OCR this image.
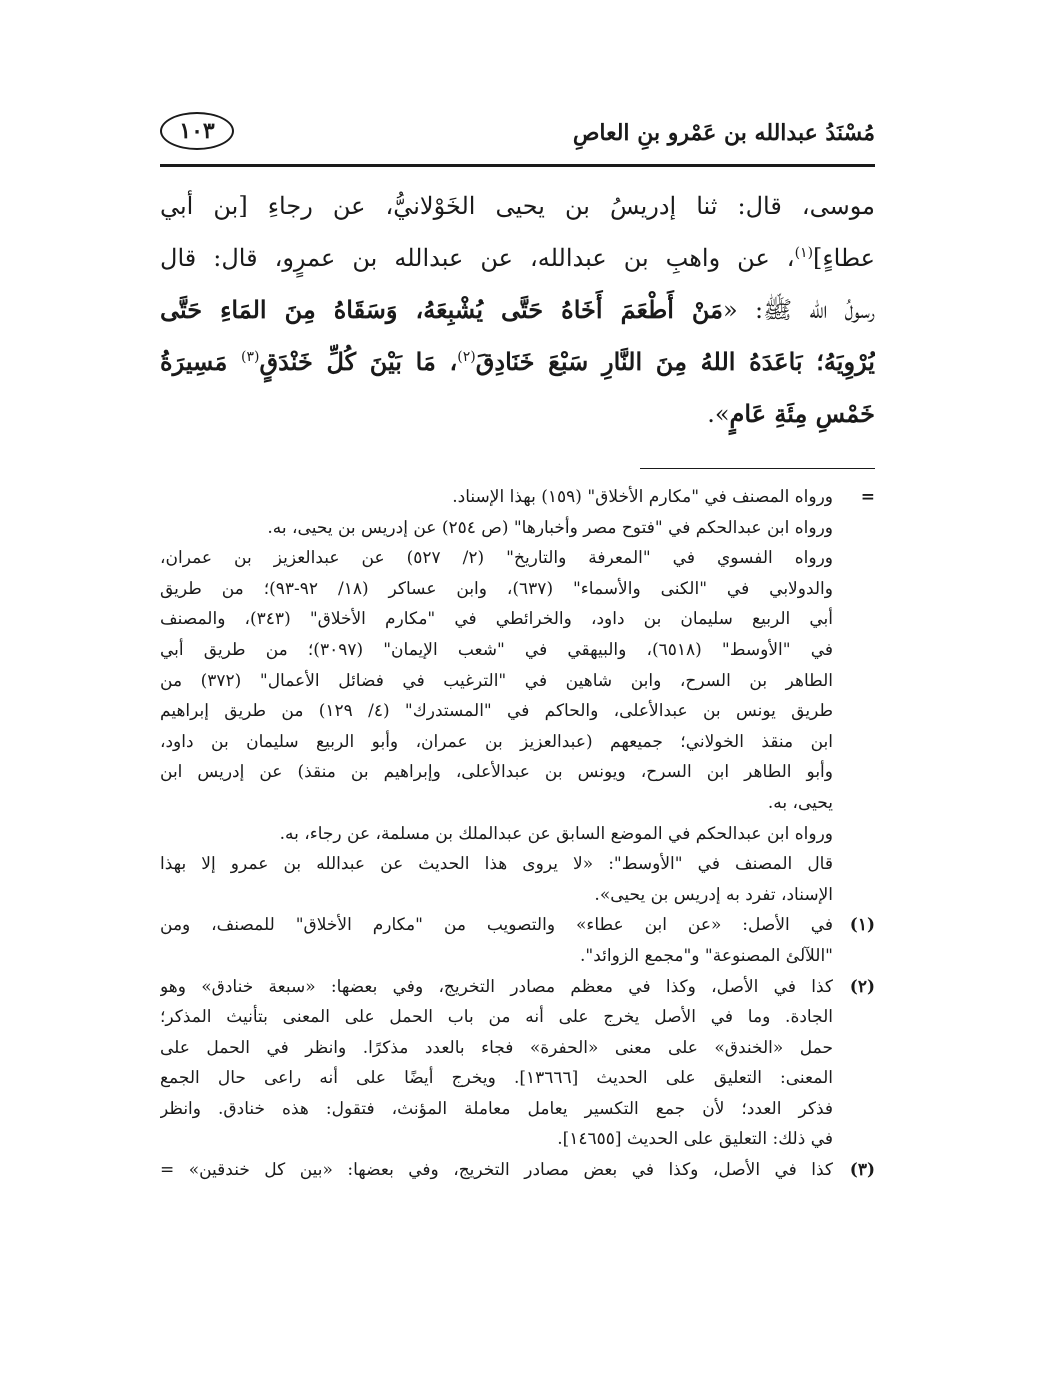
مُسْنَدُ عبدالله بن عَمْرو بنِ العاصِ
١٠٣
موسى، قال: ثنا إدريسُ بن يحيى الخَوْلانيُّ، عن رجاءِ [بن أبي
عطاءٍ]$^{(١)}$، عن واهبِ بن عبدالله، عن عبدالله بن عمرٍو، قال: قال
رسولُ الله ﷺ: «مَنْ أَطْعَمَ أَخَاهُ حَتَّى يُشْبِعَهُ، وَسَقَاهُ مِنَ المَاءِ حَتَّى
يُرْوِيَهُ؛ بَاعَدَهُ اللهُ مِنَ النَّارِ سَبْعَ خَنَادِقَ$^{(٢)}$، مَا بَيْنَ كُلِّ خَنْدَقٍ$^{(٣)}$ مَسِيرَةُ
خَمْسِ مِئَةِ عَامٍ».
=
ورواه المصنف في "مكارم الأخلاق" (١٥٩) بهذا الإسناد.
ورواه ابن عبدالحكم في "فتوح مصر وأخبارها" (ص ٢٥٤) عن إدريس بن يحيى، به.
ورواه الفسوي في "المعرفة والتاريخ" (٢/ ٥٢٧) عن عبدالعزيز بن عمران،
والدولابي في "الكنى والأسماء" (٦٣٧)، وابن عساكر (١٨/ ٩٢-٩٣)؛ من طريق
أبي الربيع سليمان بن داود، والخرائطي في "مكارم الأخلاق" (٣٤٣)، والمصنف
في "الأوسط" (٦٥١٨)، والبيهقي في "شعب الإيمان" (٣٠٩٧)؛ من طريق أبي
الطاهر بن السرح، وابن شاهين في "الترغيب في فضائل الأعمال" (٣٧٢) من
طريق يونس بن عبدالأعلى، والحاكم في "المستدرك" (٤/ ١٢٩) من طريق إبراهيم
ابن منقذ الخولاني؛ جميعهم (عبدالعزيز بن عمران، وأبو الربيع سليمان بن داود،
وأبو الطاهر ابن السرح، ويونس بن عبدالأعلى، وإبراهيم بن منقذ) عن إدريس ابن
يحيى، به.
ورواه ابن عبدالحكم في الموضع السابق عن عبدالملك بن مسلمة، عن رجاء، به.
قال المصنف في "الأوسط": «لا يروى هذا الحديث عن عبدالله بن عمرو إلا بهذا
الإسناد، تفرد به إدريس بن يحيى».
(١)
في الأصل: «عن ابن عطاء» والتصويب من "مكارم الأخلاق" للمصنف، ومن
"اللآلئ المصنوعة" و"مجمع الزوائد".
(٢)
كذا في الأصل، وكذا في معظم مصادر التخريج، وفي بعضها: «سبعة خنادق» وهو
الجادة. وما في الأصل يخرج على أنه من باب الحمل على المعنى بتأنيث المذكر؛
حمل «الخندق» على معنى «الحفرة» فجاء بالعدد مذكرًا. وانظر في الحمل على
المعنى: التعليق على الحديث [١٣٦٦٦]. ويخرج أيضًا على أنه راعى حال الجمع
فذكر العدد؛ لأن جمع التكسير يعامل معاملة المؤنث، فتقول: هذه خنادق. وانظر
في ذلك: التعليق على الحديث [١٤٦٥٥].
(٣)
كذا في الأصل، وكذا في بعض مصادر التخريج، وفي بعضها: «بين كل خندقين» =
